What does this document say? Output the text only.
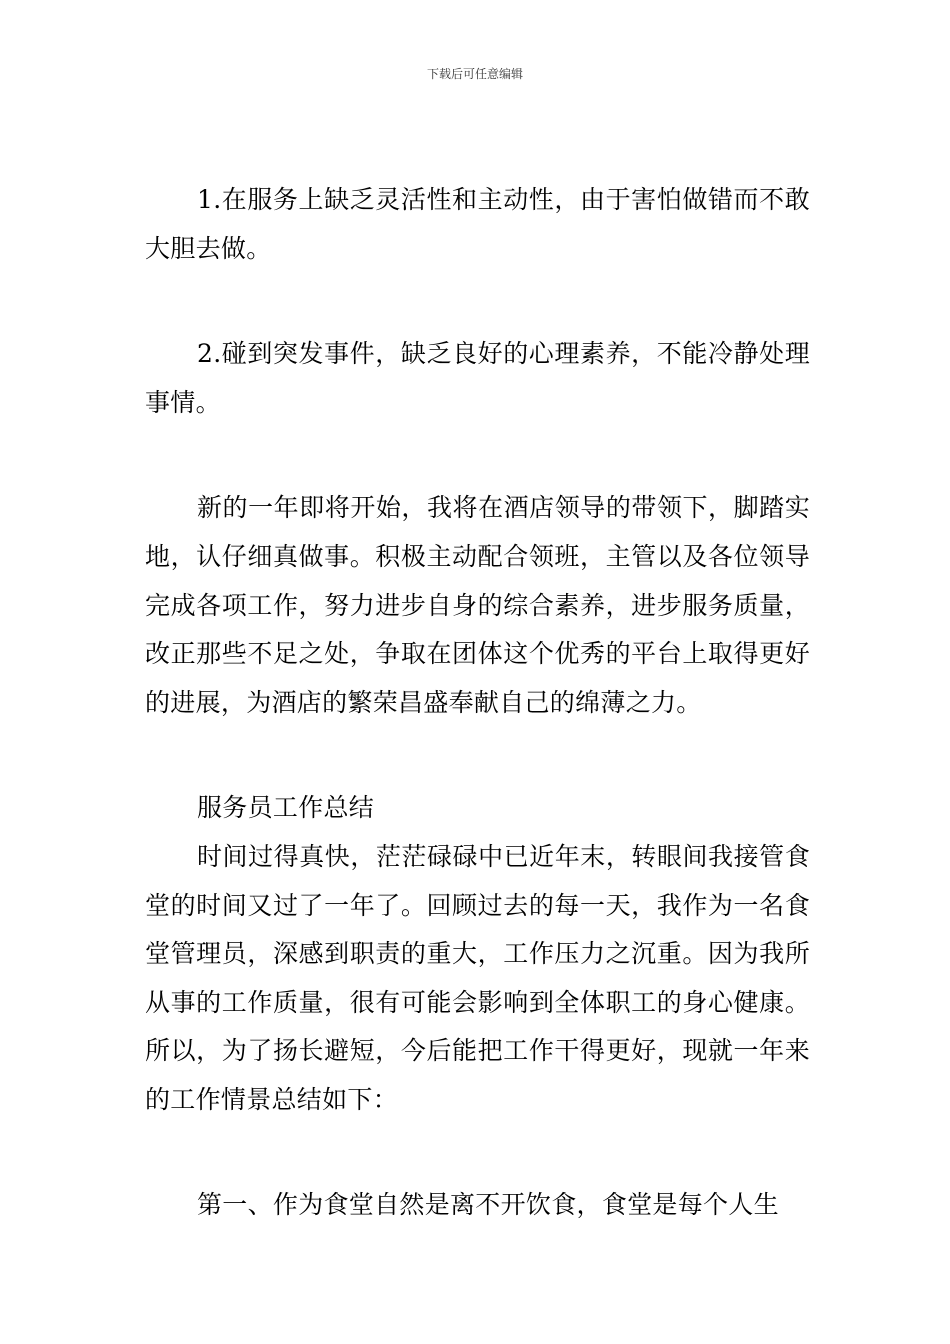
下载后可任意编辑

1.在服务上缺乏灵活性和主动性，由于害怕做错而不敢大胆去做。

2.碰到突发事件，缺乏良好的心理素养，不能冷静处理事情。

新的一年即将开始，我将在酒店领导的带领下，脚踏实地，认仔细真做事。积极主动配合领班，主管以及各位领导完成各项工作，努力进步自身的综合素养，进步服务质量，改正那些不足之处，争取在团体这个优秀的平台上取得更好的进展，为酒店的繁荣昌盛奉献自己的绵薄之力。

服务员工作总结

时间过得真快，茫茫碌碌中已近年末，转眼间我接管食堂的时间又过了一年了。回顾过去的每一天，我作为一名食堂管理员，深感到职责的重大，工作压力之沉重。因为我所从事的工作质量，很有可能会影响到全体职工的身心健康。所以，为了扬长避短，今后能把工作干得更好，现就一年来的工作情景总结如下：

第一、作为食堂自然是离不开饮食，食堂是每个人生
